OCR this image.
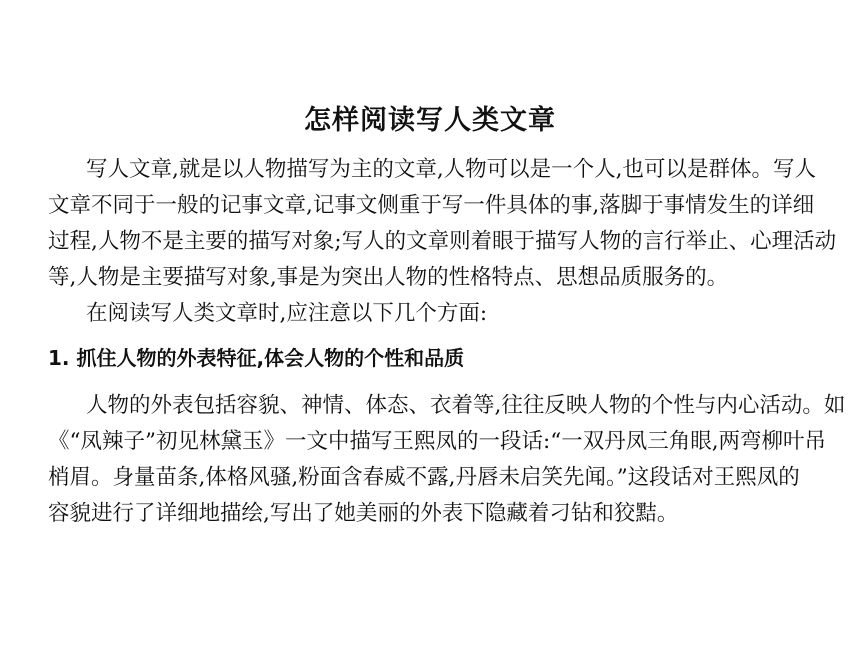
怎样阅读写人类文章
写人文章,就是以人物描写为主的文章,人物可以是一个人,也可以是群体。写人
文章不同于一般的记事文章,记事文侧重于写一件具体的事,落脚于事情发生的详细
过程,人物不是主要的描写对象;写人的文章则着眼于描写人物的言行举止、心理活动
等,人物是主要描写对象,事是为突出人物的性格特点、思想品质服务的。
在阅读写人类文章时,应注意以下几个方面:
1. 抓住人物的外表特征,体会人物的个性和品质
人物的外表包括容貌、神情、体态、衣着等,往往反映人物的个性与内心活动。如
《“凤辣子”初见林黛玉》一文中描写王熙凤的一段话:“一双丹凤三角眼,两弯柳叶吊
梢眉。身量苗条,体格风骚,粉面含春威不露,丹唇未启笑先闻。”这段话对王熙凤的
容貌进行了详细地描绘,写出了她美丽的外表下隐藏着刁钻和狡黠。
